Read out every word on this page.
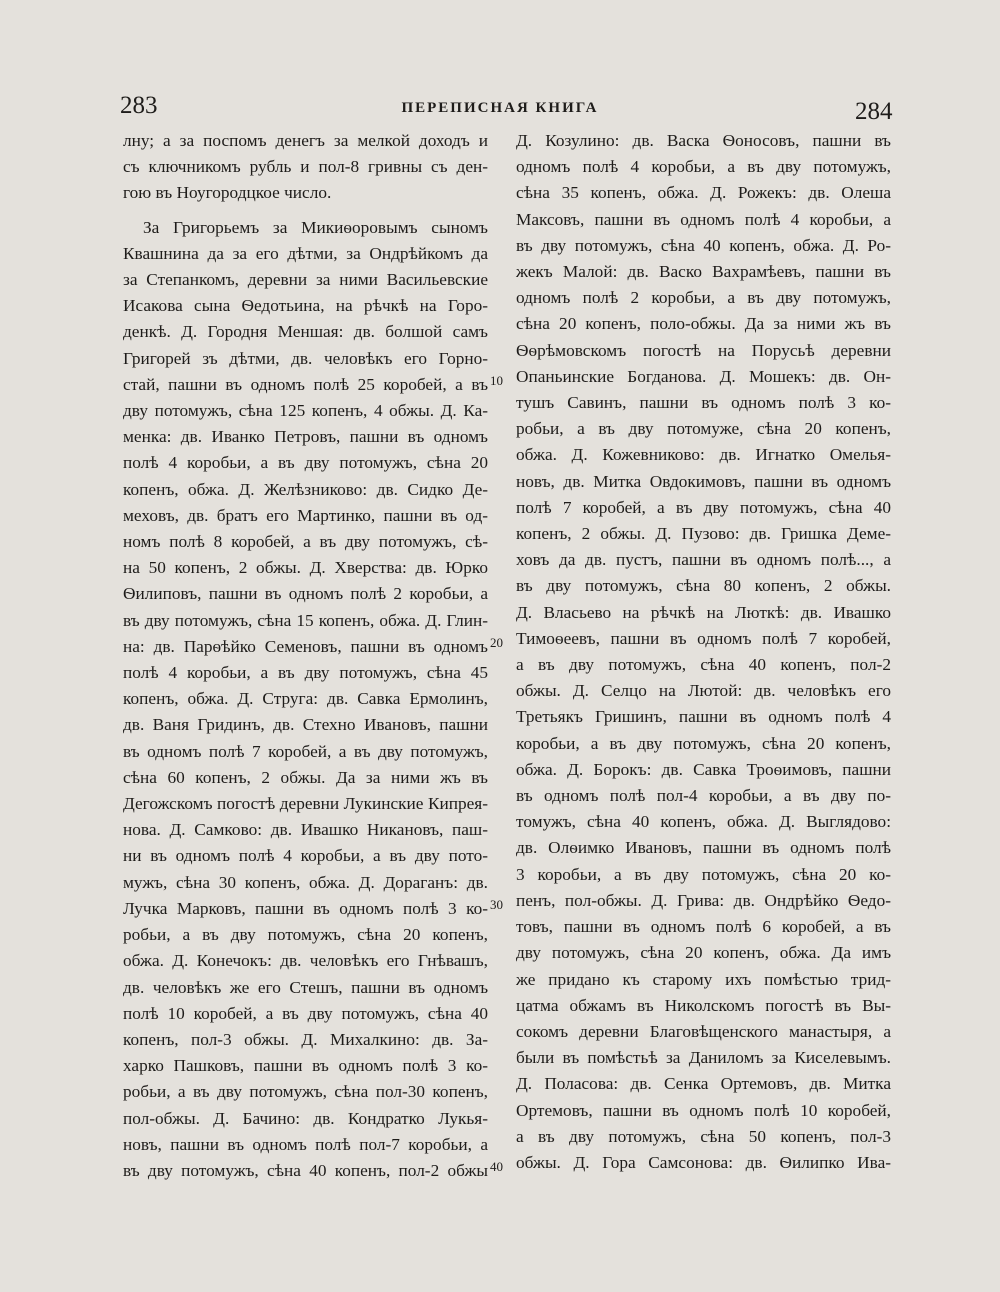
283	ПЕРЕПИСНАЯ КНИГА	284
лну; а за поспомъ денегъ за мелкой доходъ и
съ ключникомъ рубль и пол-8 гривны съ ден-
гою въ Ноугородцкое число.
За Григорьемъ за Микиѳоровымъ сыномъ
Квашнина да за его дѣтми, за Ондрѣйкомъ да
за Степанкомъ, деревни за ними Васильевские
Исакова сына Ѳедотьина, на рѣчкѣ на Горо-
денкѣ. Д. Городня Меншая: дв. болшой самъ
Григорей зъ дѣтми, дв. человѣкъ его Горно-
стай, пашни въ одномъ полѣ 25 коробей, а въ
дву потомужъ, сѣна 125 копенъ, 4 обжы. Д. Ка-
менка: дв. Иванко Петровъ, пашни въ одномъ
полѣ 4 коробьи, а въ дву потомужъ, сѣна 20
копенъ, обжа. Д. Желѣзниково: дв. Сидко Де-
меховъ, дв. братъ его Мартинко, пашни въ од-
номъ полѣ 8 коробей, а въ дву потомужъ, сѣ-
на 50 копенъ, 2 обжы. Д. Хверства: дв. Юрко
Ѳилиповъ, пашни въ одномъ полѣ 2 коробьи, а
въ дву потомужъ, сѣна 15 копенъ, обжа. Д. Глин-
на: дв. Парѳѣйко Семеновъ, пашни въ одномъ
полѣ 4 коробьи, а въ дву потомужъ, сѣна 45
копенъ, обжа. Д. Струга: дв. Савка Ермолинъ,
дв. Ваня Гридинъ, дв. Стехно Ивановъ, пашни
въ одномъ полѣ 7 коробей, а въ дву потомужъ,
сѣна 60 копенъ, 2 обжы. Да за ними жъ въ
Дегожскомъ погостѣ деревни Лукинские Кипрея-
нова. Д. Самково: дв. Ивашко Никановъ, паш-
ни въ одномъ полѣ 4 коробьи, а въ дву пото-
мужъ, сѣна 30 копенъ, обжа. Д. Дораганъ: дв.
Лучка Марковъ, пашни въ одномъ полѣ 3 ко-
робьи, а въ дву потомужъ, сѣна 20 копенъ,
обжа. Д. Конечокъ: дв. человѣкъ его Гнѣвашъ,
дв. человѣкъ же его Стешъ, пашни въ одномъ
полѣ 10 коробей, а въ дву потомужъ, сѣна 40
копенъ, пол-3 обжы. Д. Михалкино: дв. За-
харко Пашковъ, пашни въ одномъ полѣ 3 ко-
робьи, а въ дву потомужъ, сѣна пол-30 копенъ,
пол-обжы. Д. Бачино: дв. Кондратко Лукья-
новъ, пашни въ одномъ полѣ пол-7 коробьи, а
въ дву потомужъ, сѣна 40 копенъ, пол-2 обжы
Д. Козулино: дв. Васка Ѳоносовъ, пашни въ
одномъ полѣ 4 коробьи, а въ дву потомужъ,
сѣна 35 копенъ, обжа. Д. Рожекъ: дв. Олеша
Максовъ, пашни въ одномъ полѣ 4 коробьи, а
въ дву потомужъ, сѣна 40 копенъ, обжа. Д. Ро-
жекъ Малой: дв. Васко Вахрамѣевъ, пашни въ
одномъ полѣ 2 коробьи, а въ дву потомужъ,
сѣна 20 копенъ, поло-обжы. Да за ними жъ въ
Ѳѳрѣмовскомъ погостѣ на Порусьѣ деревни
Опаньинские Богданова. Д. Мошекъ: дв. Он-
тушъ Савинъ, пашни въ одномъ полѣ 3 ко-
робьи, а въ дву потомуже, сѣна 20 копенъ,
обжа. Д. Кожевниково: дв. Игнатко Омелья-
новъ, дв. Митка Овдокимовъ, пашни въ одномъ
полѣ 7 коробей, а въ дву потомужъ, сѣна 40
копенъ, 2 обжы. Д. Пузово: дв. Гришка Деме-
ховъ да дв. пустъ, пашни въ одномъ полѣ..., а
въ дву потомужъ, сѣна 80 копенъ, 2 обжы.
Д. Власьево на рѣчкѣ на Люткѣ: дв. Ивашко
Тимоѳеевъ, пашни въ одномъ полѣ 7 коробей,
а въ дву потомужъ, сѣна 40 копенъ, пол-2
обжы. Д. Селцо на Лютой: дв. человѣкъ его
Третьякъ Гришинъ, пашни въ одномъ полѣ 4
коробьи, а въ дву потомужъ, сѣна 20 копенъ,
обжа. Д. Борокъ: дв. Савка Троѳимовъ, пашни
въ одномъ полѣ пол-4 коробьи, а въ дву по-
томужъ, сѣна 40 копенъ, обжа. Д. Выглядово:
дв. Олѳимко Ивановъ, пашни въ одномъ полѣ
3 коробьи, а въ дву потомужъ, сѣна 20 ко-
пенъ, пол-обжы. Д. Грива: дв. Ондрѣйко Ѳедо-
товъ, пашни въ одномъ полѣ 6 коробей, а въ
дву потомужъ, сѣна 20 копенъ, обжа. Да имъ
же придано къ старому ихъ помѣстью трид-
цатма обжамъ въ Николскомъ погостѣ въ Вы-
сокомъ деревни Благовѣщенского манастыря, а
были въ помѣстьѣ за Даниломъ за Киселевымъ.
Д. Поласова: дв. Сенка Ортемовъ, дв. Митка
Ортемовъ, пашни въ одномъ полѣ 10 коробей,
а въ дву потомужъ, сѣна 50 копенъ, пол-3
обжы. Д. Гора Самсонова: дв. Ѳилипко Ива-
10
20
30
40
